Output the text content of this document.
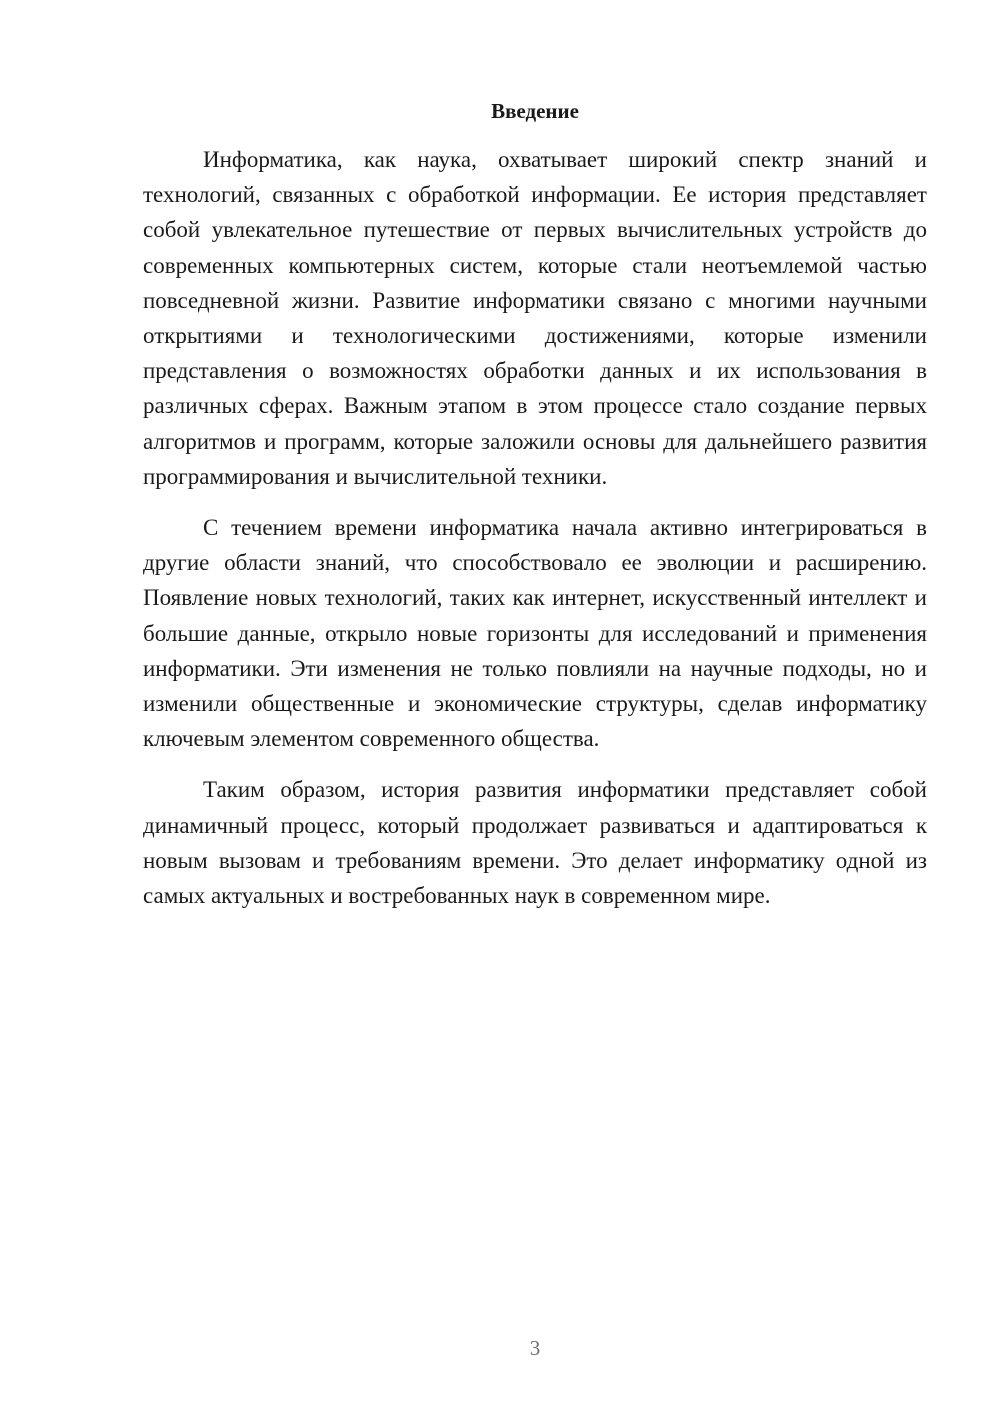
Введение

Информатика, как наука, охватывает широкий спектр знаний и технологий, связанных с обработкой информации. Ее история представляет собой увлекательное путешествие от первых вычислительных устройств до современных компьютерных систем, которые стали неотъемлемой частью повседневной жизни. Развитие информатики связано с многими научными открытиями и технологическими достижениями, которые изменили представления о возможностях обработки данных и их использования в различных сферах. Важным этапом в этом процессе стало создание первых алгоритмов и программ, которые заложили основы для дальнейшего развития программирования и вычислительной техники.

С течением времени информатика начала активно интегрироваться в другие области знаний, что способствовало ее эволюции и расширению. Появление новых технологий, таких как интернет, искусственный интеллект и большие данные, открыло новые горизонты для исследований и применения информатики. Эти изменения не только повлияли на научные подходы, но и изменили общественные и экономические структуры, сделав информатику ключевым элементом современного общества.

Таким образом, история развития информатики представляет собой динамичный процесс, который продолжает развиваться и адаптироваться к новым вызовам и требованиям времени. Это делает информатику одной из самых актуальных и востребованных наук в современном мире.

3
